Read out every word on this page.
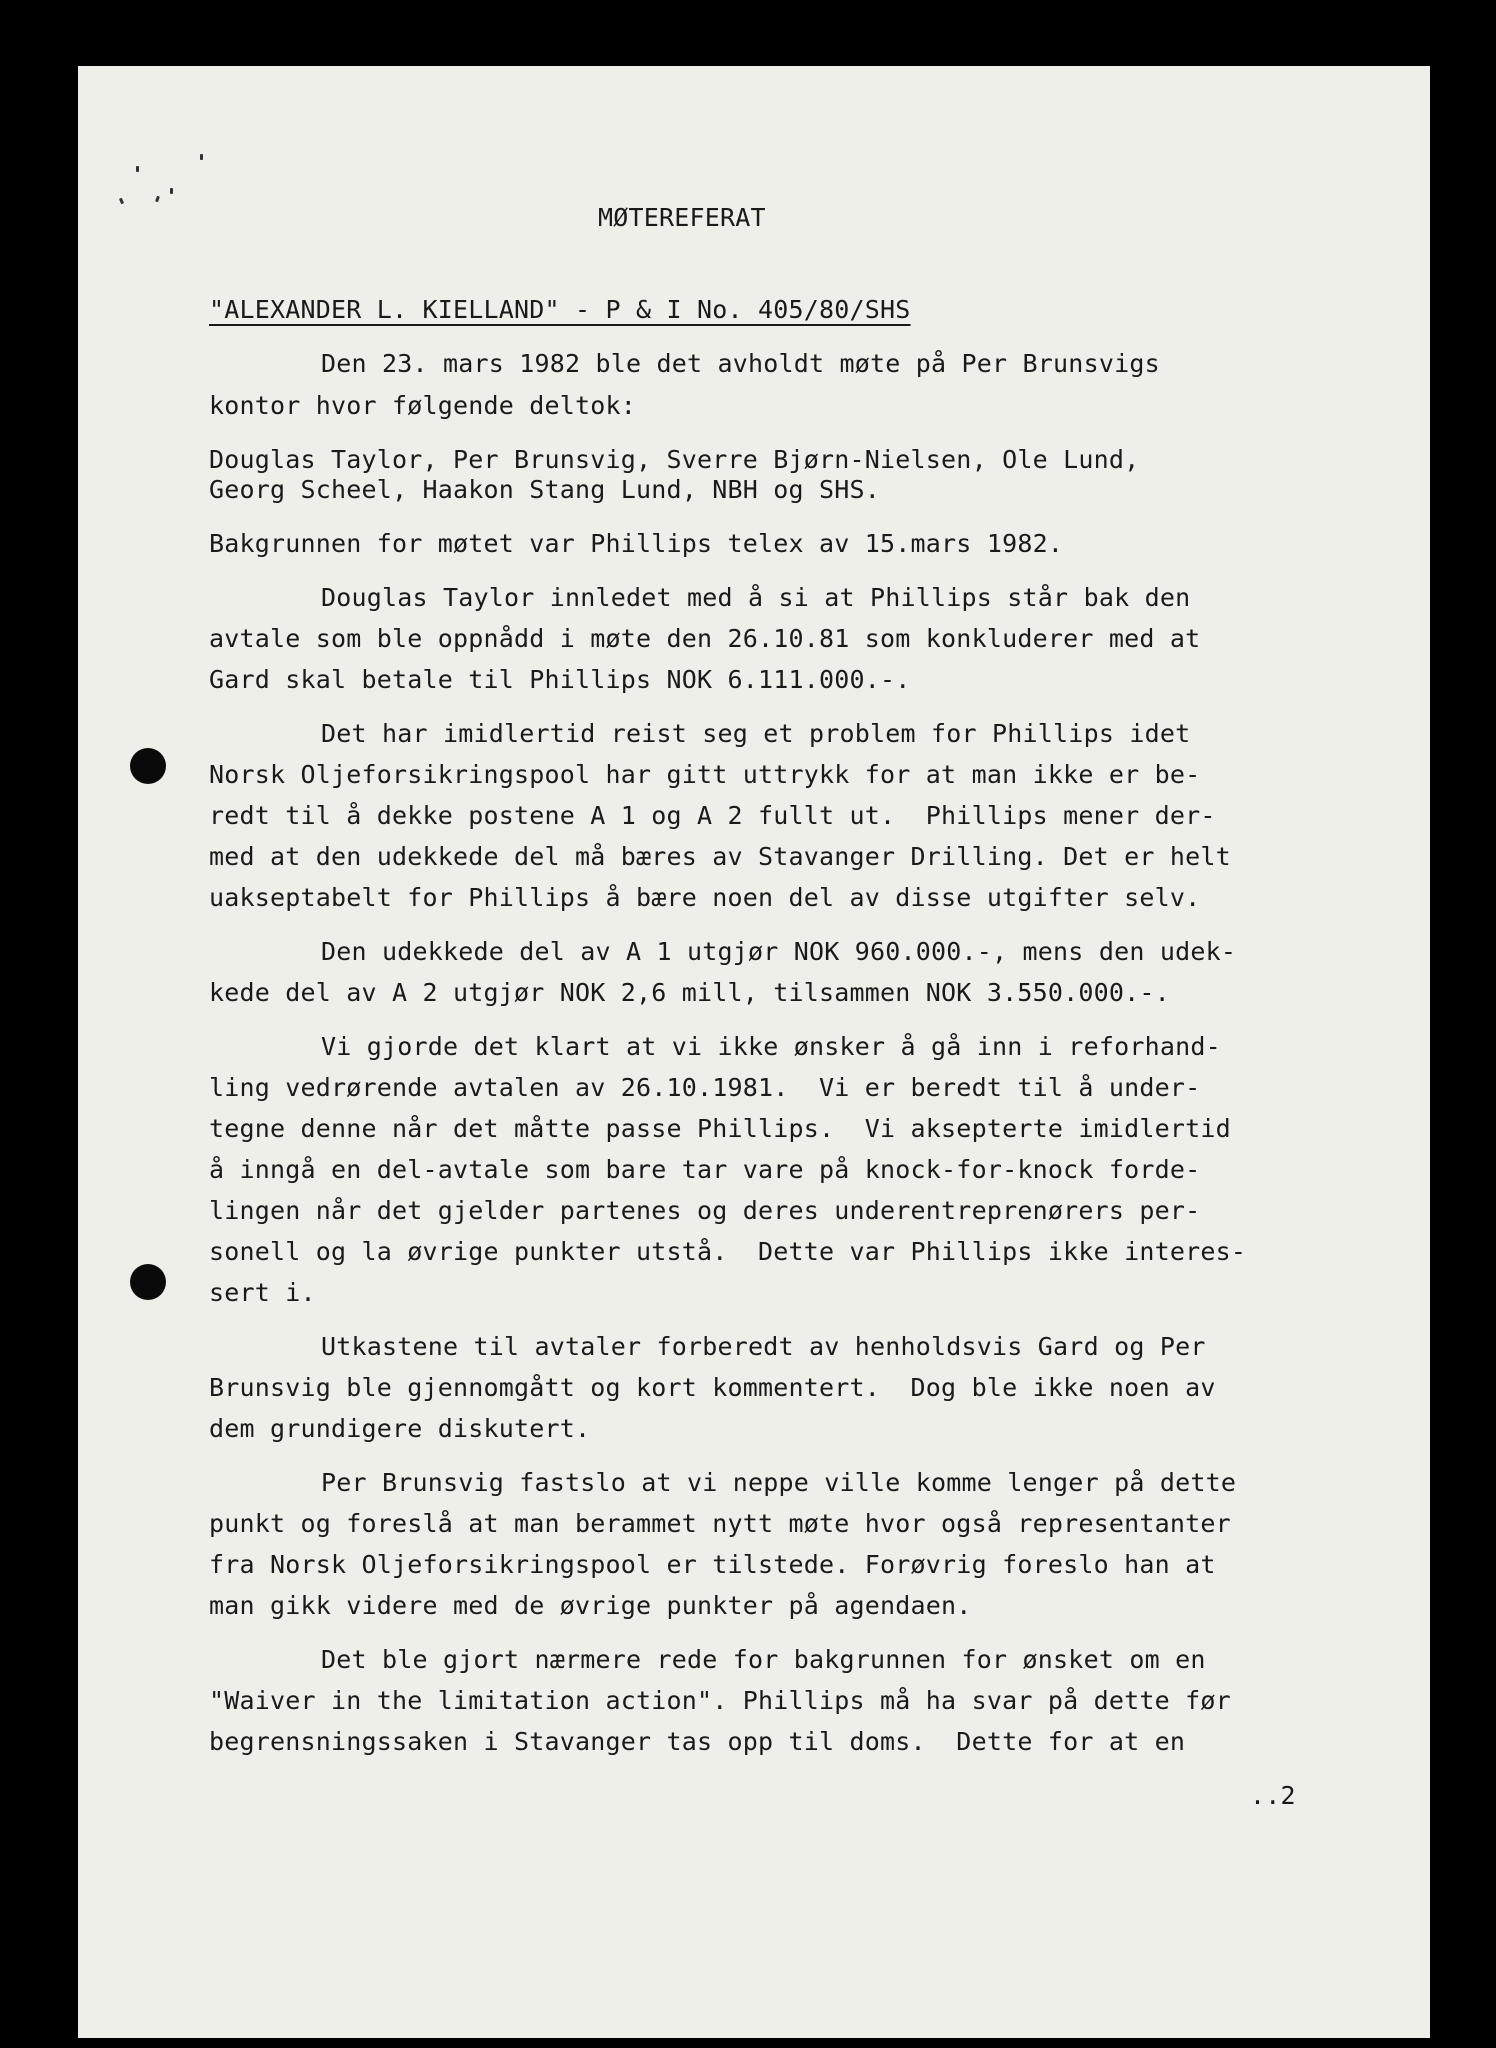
MØTEREFERAT

"ALEXANDER L. KIELLAND" - P & I No. 405/80/SHS

Den 23. mars 1982 ble det avholdt møte på Per Brunsvigs

kontor hvor følgende deltok:

Douglas Taylor, Per Brunsvig, Sverre Bjørn-Nielsen, Ole Lund,

Georg Scheel, Haakon Stang Lund, NBH og SHS.

Bakgrunnen for møtet var Phillips telex av 15.mars 1982.

Douglas Taylor innledet med å si at Phillips står bak den

avtale som ble oppnådd i møte den 26.10.81 som konkluderer med at

Gard skal betale til Phillips NOK 6.111.000.-.

Det har imidlertid reist seg et problem for Phillips idet

Norsk Oljeforsikringspool har gitt uttrykk for at man ikke er be-

redt til å dekke postene A 1 og A 2 fullt ut.  Phillips mener der-

med at den udekkede del må bæres av Stavanger Drilling. Det er helt

uakseptabelt for Phillips å bære noen del av disse utgifter selv.

Den udekkede del av A 1 utgjør NOK 960.000.-, mens den udek-

kede del av A 2 utgjør NOK 2,6 mill, tilsammen NOK 3.550.000.-.

Vi gjorde det klart at vi ikke ønsker å gå inn i reforhand-

ling vedrørende avtalen av 26.10.1981.  Vi er beredt til å under-

tegne denne når det måtte passe Phillips.  Vi aksepterte imidlertid

å inngå en del-avtale som bare tar vare på knock-for-knock forde-

lingen når det gjelder partenes og deres underentreprenørers per-

sonell og la øvrige punkter utstå.  Dette var Phillips ikke interes-

sert i.

Utkastene til avtaler forberedt av henholdsvis Gard og Per

Brunsvig ble gjennomgått og kort kommentert.  Dog ble ikke noen av

dem grundigere diskutert.

Per Brunsvig fastslo at vi neppe ville komme lenger på dette

punkt og foreslå at man berammet nytt møte hvor også representanter

fra Norsk Oljeforsikringspool er tilstede. Forøvrig foreslo han at

man gikk videre med de øvrige punkter på agendaen.

Det ble gjort nærmere rede for bakgrunnen for ønsket om en

"Waiver in the limitation action". Phillips må ha svar på dette før

begrensningssaken i Stavanger tas opp til doms.  Dette for at en

..2
